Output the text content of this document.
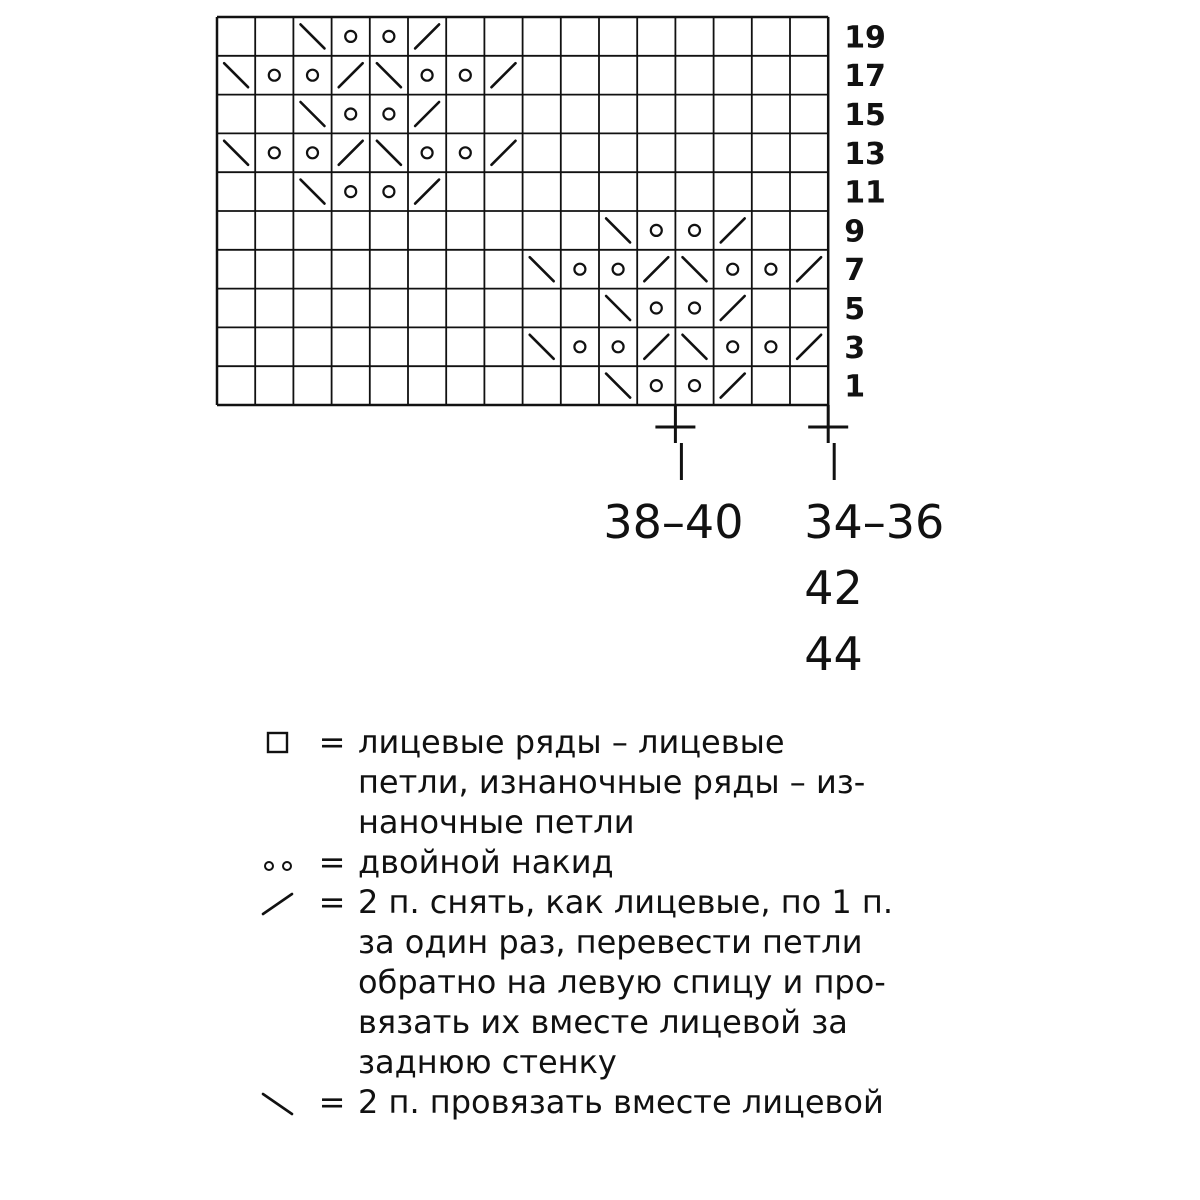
19
17
15
13
11
9
7
5
3
1
38–40 34–36
42
44
= лицевые ряды – лицевые
петли, изнаночные ряды – из-
наночные петли
= двойной накид
= 2 п. снять, как лицевые, по 1 п.
за один раз, перевести петли
обратно на левую спицу и про-
вязать их вместе лицевой за
заднюю стенку
= 2 п. провязать вместе лицевой
